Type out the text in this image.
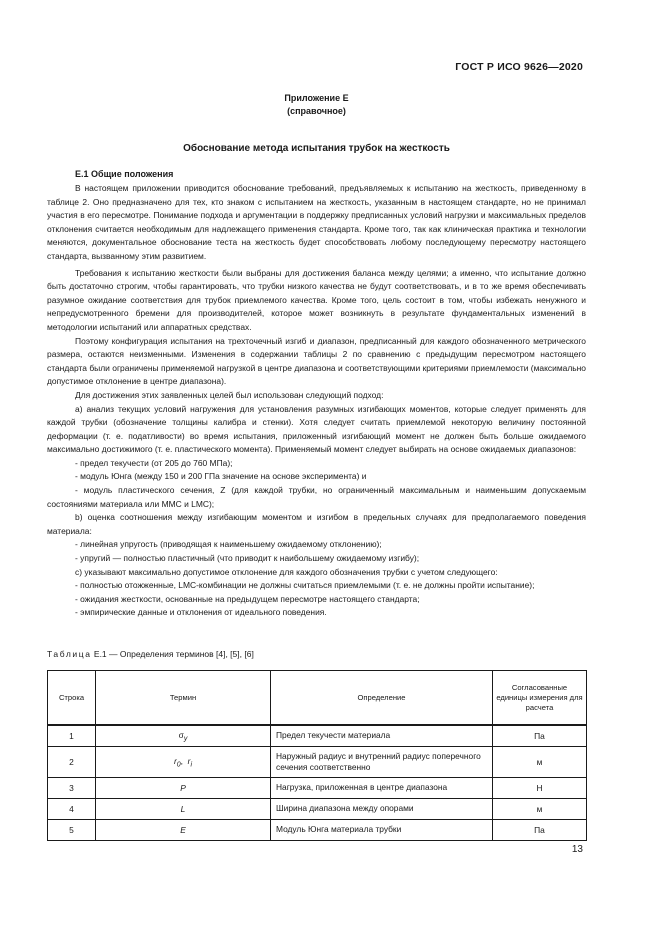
ГОСТ Р ИСО 9626—2020
Приложение Е
(справочное)
Обоснование метода испытания трубок на жесткость
Е.1 Общие положения

В настоящем приложении приводится обоснование требований, предъявляемых к испытанию на жесткость, приведенному в таблице 2. Оно предназначено для тех, кто знаком с испытанием на жесткость, указанным в настоящем стандарте, но не принимал участия в его пересмотре. Понимание подхода и аргументации в поддержку предписанных условий нагрузки и максимальных пределов отклонения считается необходимым для надлежащего применения стандарта. Кроме того, так как клиническая практика и технологии меняются, документальное обоснование теста на жесткость будет способствовать любому последующему пересмотру настоящего стандарта, вызванному этим развитием.

Требования к испытанию жесткости были выбраны для достижения баланса между целями; а именно, что испытание должно быть достаточно строгим, чтобы гарантировать, что трубки низкого качества не будут соответствовать, и в то же время обеспечивать разумное ожидание соответствия для трубок приемлемого качества. Кроме того, цель состоит в том, чтобы избежать ненужного и непредусмотренного бремени для производителей, которое может возникнуть в результате фундаментальных изменений в методологии испытаний или аппаратных средствах.

Поэтому конфигурация испытания на трехточечный изгиб и диапазон, предписанный для каждого обозначенного метрического размера, остаются неизменными. Изменения в содержании таблицы 2 по сравнению с предыдущим пересмотром настоящего стандарта были ограничены применяемой нагрузкой в центре диапазона и соответствующими критериями приемлемости (максимально допустимое отклонение в центре диапазона).

Для достижения этих заявленных целей был использован следующий подход:

а) анализ текущих условий нагружения для установления разумных изгибающих моментов, которые следует применять для каждой трубки (обозначение толщины калибра и стенки). Хотя следует считать приемлемой некоторую величину постоянной деформации (т. е. податливости) во время испытания, приложенный изгибающий момент не должен быть больше ожидаемого максимально достижимого (т. е. пластического момента). Применяемый момент следует выбирать на основе ожидаемых диапазонов:

- предел текучести (от 205 до 760 МПа);

- модуль Юнга (между 150 и 200 ГПа значение на основе эксперимента) и

- модуль пластического сечения, Z (для каждой трубки, но ограниченный максимальным и наименьшим допускаемым состояниями материала или ММС и LMC);

b) оценка соотношения между изгибающим моментом и изгибом в предельных случаях для предполагаемого поведения материала:

- линейная упругость (приводящая к наименьшему ожидаемому отклонению);

- упругий — полностью пластичный (что приводит к наибольшему ожидаемому изгибу);

с) указывают максимально допустимое отклонение для каждого обозначения трубки с учетом следующего:

- полностью отожженные, LMC-комбинации не должны считаться приемлемыми (т. е. не должны пройти испытание);

- ожидания жесткости, основанные на предыдущем пересмотре настоящего стандарта;

- эмпирические данные и отклонения от идеального поведения.

Таблица Е.1 — Определения терминов [4], [5], [6]
Строка	Термин	Определение	Согласованные единицы измерения для расчета
1	$\sigma_y$	Предел текучести материала	Па
2	$r_0$,  $r_i$	Наружный радиус и внутренний радиус поперечного сечения соответственно	м
3	P	Нагрузка, приложенная в центре диапазона	Н
4	L	Ширина диапазона между опорами	м
5	E	Модуль Юнга материала трубки	Па
13
